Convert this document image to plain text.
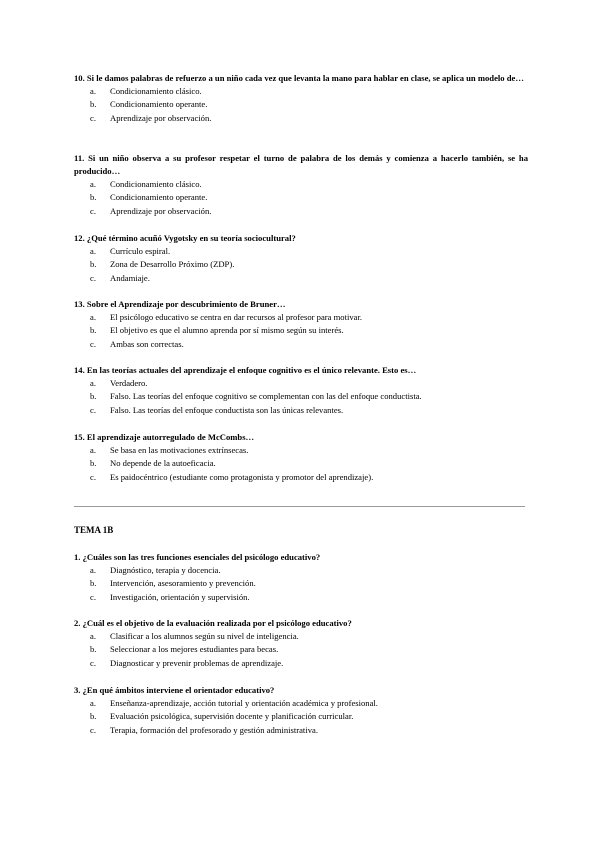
10. Si le damos palabras de refuerzo a un niño cada vez que levanta la mano para hablar en clase, se aplica un modelo de…

a.	Condicionamiento clásico.
b.	Condicionamiento operante.
c.	Aprendizaje por observación.

11. Si un niño observa a su profesor respetar el turno de palabra de los demás y comienza a hacerlo también, se ha producido…

a.	Condicionamiento clásico.
b.	Condicionamiento operante.
c.	Aprendizaje por observación.

12. ¿Qué término acuñó Vygotsky en su teoría sociocultural?

a.	Currículo espiral.
b.	Zona de Desarrollo Próximo (ZDP).
c.	Andamiaje.

13. Sobre el Aprendizaje por descubrimiento de Bruner…

a.	El psicólogo educativo se centra en dar recursos al profesor para motivar.
b.	El objetivo es que el alumno aprenda por sí mismo según su interés.
c.	Ambas son correctas.

14. En las teorías actuales del aprendizaje el enfoque cognitivo es el único relevante. Esto es…

a.	Verdadero.
b.	Falso. Las teorías del enfoque cognitivo se complementan con las del enfoque conductista.
c.	Falso. Las teorías del enfoque conductista son las únicas relevantes.

15. El aprendizaje autorregulado de McCombs…

a.	Se basa en las motivaciones extrínsecas.
b.	No depende de la autoeficacia.
c.	Es paidocéntrico (estudiante como protagonista y promotor del aprendizaje).

TEMA 1B

1. ¿Cuáles son las tres funciones esenciales del psicólogo educativo?

a.	Diagnóstico, terapia y docencia.
b.	Intervención, asesoramiento y prevención.
c.	Investigación, orientación y supervisión.

2. ¿Cuál es el objetivo de la evaluación realizada por el psicólogo educativo?

a.	Clasificar a los alumnos según su nivel de inteligencia.
b.	Seleccionar a los mejores estudiantes para becas.
c.	Diagnosticar y prevenir problemas de aprendizaje.

3. ¿En qué ámbitos interviene el orientador educativo?

a.	Enseñanza-aprendizaje, acción tutorial y orientación académica y profesional.
b.	Evaluación psicológica, supervisión docente y planificación curricular.
c.	Terapia, formación del profesorado y gestión administrativa.
